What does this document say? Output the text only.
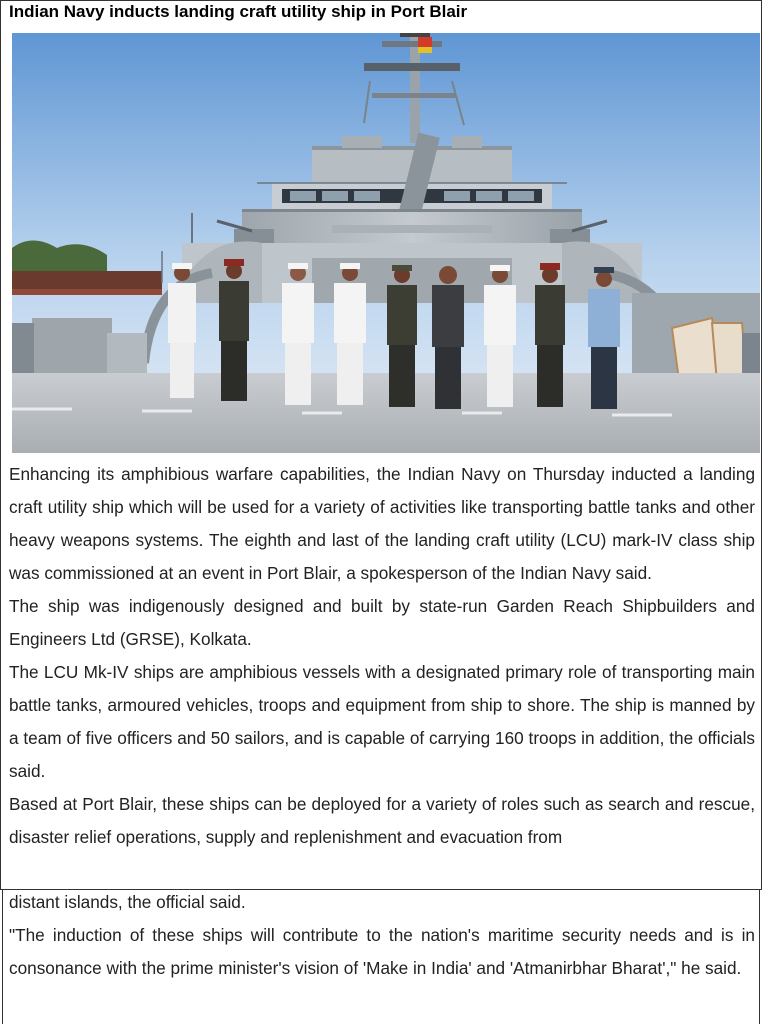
Indian Navy inducts landing craft utility ship in Port Blair

Enhancing its amphibious warfare capabilities, the Indian Navy on Thursday inducted a landing craft utility ship which will be used for a variety of activities like transporting battle tanks and other heavy weapons systems. The eighth and last of the landing craft utility (LCU) mark-IV class ship was commissioned at an event in Port Blair, a spokesperson of the Indian Navy said.

The ship was indigenously designed and built by state-run Garden Reach Shipbuilders and Engineers Ltd (GRSE), Kolkata.

The LCU Mk-IV ships are amphibious vessels with a designated primary role of transporting main battle tanks, armoured vehicles, troops and equipment from ship to shore. The ship is manned by a team of five officers and 50 sailors, and is capable of carrying 160 troops in addition, the officials said.

Based at Port Blair, these ships can be deployed for a variety of roles such as search and rescue, disaster relief operations, supply and replenishment and evacuation from

distant islands, the official said.

"The induction of these ships will contribute to the nation's maritime security needs and is in consonance with the prime minister's vision of 'Make in India' and 'Atmanirbhar Bharat'," he said.
